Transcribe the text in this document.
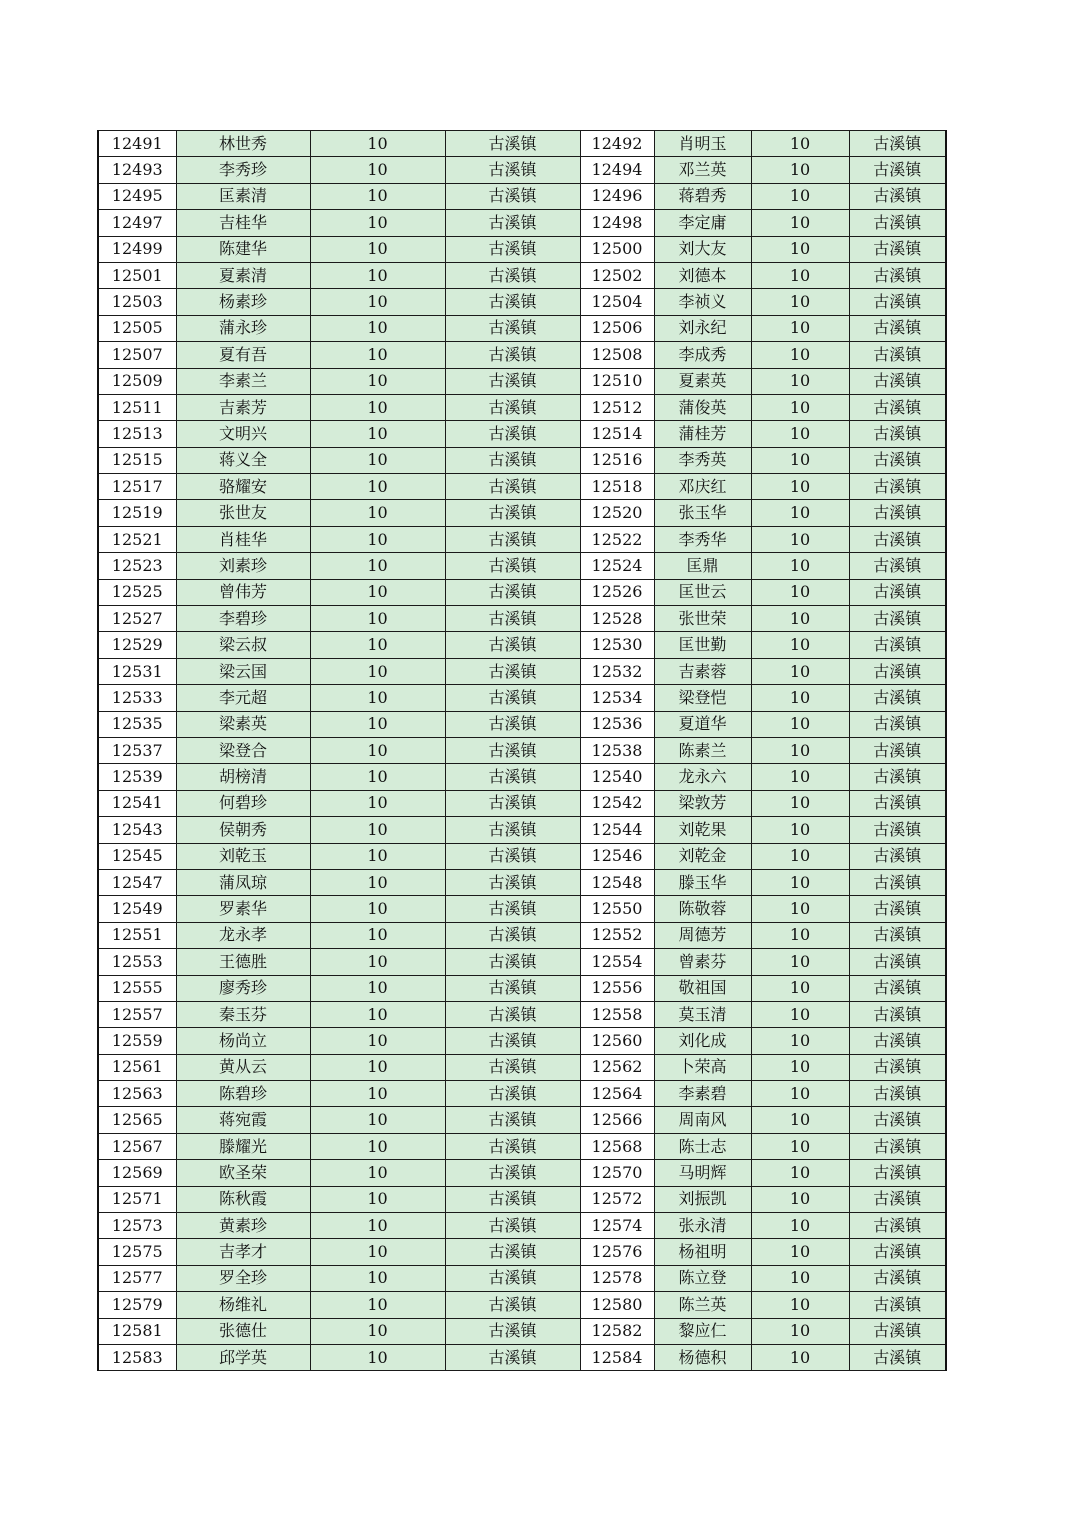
12491	林世秀	10	古溪镇	12492	肖明玉	10	古溪镇
12493	李秀珍	10	古溪镇	12494	邓兰英	10	古溪镇
12495	匡素清	10	古溪镇	12496	蒋碧秀	10	古溪镇
12497	吉桂华	10	古溪镇	12498	李定庸	10	古溪镇
12499	陈建华	10	古溪镇	12500	刘大友	10	古溪镇
12501	夏素清	10	古溪镇	12502	刘德本	10	古溪镇
12503	杨素珍	10	古溪镇	12504	李祯义	10	古溪镇
12505	蒲永珍	10	古溪镇	12506	刘永纪	10	古溪镇
12507	夏有吾	10	古溪镇	12508	李成秀	10	古溪镇
12509	李素兰	10	古溪镇	12510	夏素英	10	古溪镇
12511	吉素芳	10	古溪镇	12512	蒲俊英	10	古溪镇
12513	文明兴	10	古溪镇	12514	蒲桂芳	10	古溪镇
12515	蒋义全	10	古溪镇	12516	李秀英	10	古溪镇
12517	骆耀安	10	古溪镇	12518	邓庆红	10	古溪镇
12519	张世友	10	古溪镇	12520	张玉华	10	古溪镇
12521	肖桂华	10	古溪镇	12522	李秀华	10	古溪镇
12523	刘素珍	10	古溪镇	12524	匡鼎	10	古溪镇
12525	曾伟芳	10	古溪镇	12526	匡世云	10	古溪镇
12527	李碧珍	10	古溪镇	12528	张世荣	10	古溪镇
12529	梁云叔	10	古溪镇	12530	匡世勤	10	古溪镇
12531	梁云国	10	古溪镇	12532	吉素蓉	10	古溪镇
12533	李元超	10	古溪镇	12534	梁登恺	10	古溪镇
12535	梁素英	10	古溪镇	12536	夏道华	10	古溪镇
12537	梁登合	10	古溪镇	12538	陈素兰	10	古溪镇
12539	胡榜清	10	古溪镇	12540	龙永六	10	古溪镇
12541	何碧珍	10	古溪镇	12542	梁敦芳	10	古溪镇
12543	侯朝秀	10	古溪镇	12544	刘乾果	10	古溪镇
12545	刘乾玉	10	古溪镇	12546	刘乾金	10	古溪镇
12547	蒲凤琼	10	古溪镇	12548	滕玉华	10	古溪镇
12549	罗素华	10	古溪镇	12550	陈敬蓉	10	古溪镇
12551	龙永孝	10	古溪镇	12552	周德芳	10	古溪镇
12553	王德胜	10	古溪镇	12554	曾素芬	10	古溪镇
12555	廖秀珍	10	古溪镇	12556	敬祖国	10	古溪镇
12557	秦玉芬	10	古溪镇	12558	莫玉清	10	古溪镇
12559	杨尚立	10	古溪镇	12560	刘化成	10	古溪镇
12561	黄从云	10	古溪镇	12562	卜荣高	10	古溪镇
12563	陈碧珍	10	古溪镇	12564	李素碧	10	古溪镇
12565	蒋宛霞	10	古溪镇	12566	周南风	10	古溪镇
12567	滕耀光	10	古溪镇	12568	陈士志	10	古溪镇
12569	欧圣荣	10	古溪镇	12570	马明辉	10	古溪镇
12571	陈秋霞	10	古溪镇	12572	刘振凯	10	古溪镇
12573	黄素珍	10	古溪镇	12574	张永清	10	古溪镇
12575	吉孝才	10	古溪镇	12576	杨祖明	10	古溪镇
12577	罗全珍	10	古溪镇	12578	陈立登	10	古溪镇
12579	杨维礼	10	古溪镇	12580	陈兰英	10	古溪镇
12581	张德仕	10	古溪镇	12582	黎应仁	10	古溪镇
12583	邱学英	10	古溪镇	12584	杨德积	10	古溪镇
